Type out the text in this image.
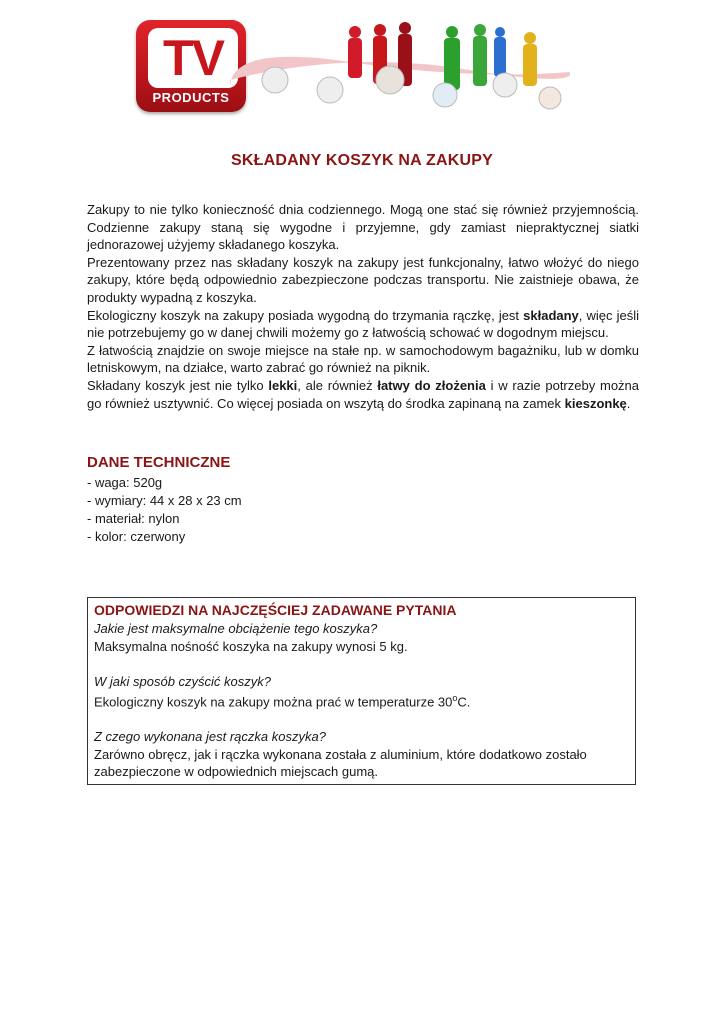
TV
PRODUCTS
SKŁADANY KOSZYK NA ZAKUPY

Zakupy to nie tylko konieczność dnia codziennego. Mogą one stać się również przyjemnością. Codzienne zakupy staną się wygodne i przyjemne, gdy zamiast niepraktycznej siatki jednorazowej użyjemy składanego koszyka.

Prezentowany przez nas składany koszyk na zakupy jest funkcjonalny, łatwo włożyć do niego zakupy, które będą odpowiednio zabezpieczone podczas transportu. Nie zaistnieje obawa, że produkty wypadną z koszyka.

Ekologiczny koszyk na zakupy posiada wygodną do trzymania rączkę, jest składany, więc jeśli nie potrzebujemy go w danej chwili możemy go z łatwością schować w dogodnym miejscu.

Z łatwością znajdzie on swoje miejsce na stałe np. w samochodowym bagażniku, lub w domku letniskowym, na działce, warto zabrać go również na piknik.

Składany koszyk jest nie tylko lekki, ale również łatwy do złożenia i w razie potrzeby można go również usztywnić. Co więcej posiada on wszytą do środka zapinaną na zamek kieszonkę.

DANE TECHNICZNE
- waga: 520g
- wymiary: 44 x 28 x 23 cm
- materiał: nylon
- kolor: czerwony
ODPOWIEDZI NA NAJCZĘŚCIEJ ZADAWANE PYTANIA
Jakie jest maksymalne obciążenie tego koszyka?
Maksymalna nośność koszyka na zakupy wynosi 5 kg.
W jaki sposób czyścić koszyk?
Ekologiczny koszyk na zakupy można prać w temperaturze 30$^o$C.
Z czego wykonana jest rączka koszyka?
Zarówno obręcz, jak i rączka wykonana została z aluminium, które dodatkowo zostało zabezpieczone w odpowiednich miejscach gumą.
